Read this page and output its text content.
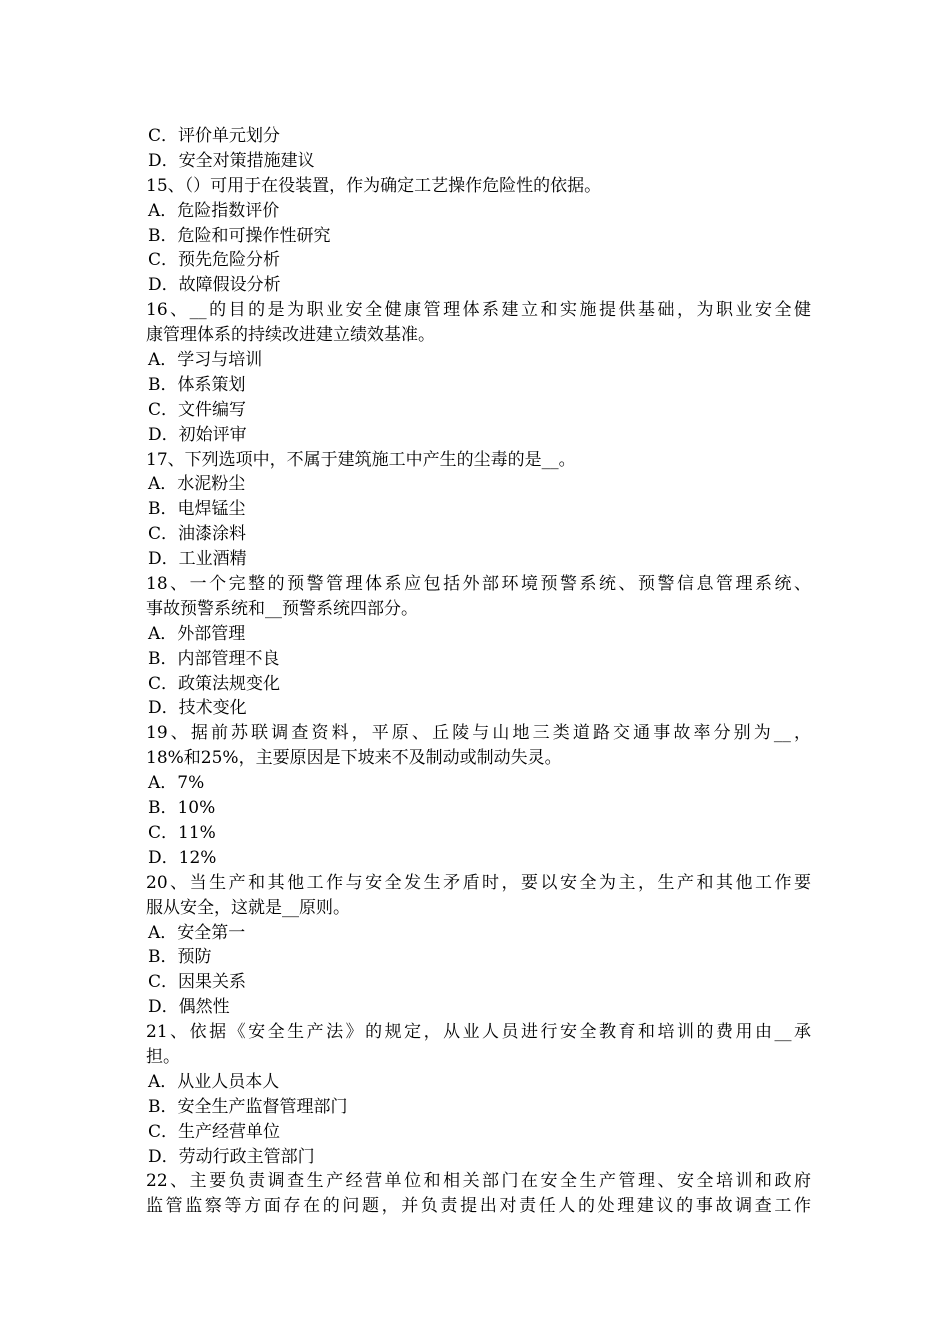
C．评价单元划分
D．安全对策措施建议
15、（）可用于在役装置，作为确定工艺操作危险性的依据。
A．危险指数评价
B．危险和可操作性研究
C．预先危险分析
D．故障假设分析
16、__的目的是为职业安全健康管理体系建立和实施提供基础，为职业安全健
康管理体系的持续改进建立绩效基准。
A．学习与培训
B．体系策划
C．文件编写
D．初始评审
17、下列选项中，不属于建筑施工中产生的尘毒的是__。
A．水泥粉尘
B．电焊锰尘
C．油漆涂料
D．工业酒精
18、一个完整的预警管理体系应包括外部环境预警系统、预警信息管理系统、
事故预警系统和__预警系统四部分。
A．外部管理
B．内部管理不良
C．政策法规变化
D．技术变化
19、据前苏联调查资料，平原、丘陵与山地三类道路交通事故率分别为__，
18%和25%，主要原因是下坡来不及制动或制动失灵。
A．7%
B．10%
C．11%
D．12%
20、当生产和其他工作与安全发生矛盾时，要以安全为主，生产和其他工作要
服从安全，这就是__原则。
A．安全第一
B．预防
C．因果关系
D．偶然性
21、依据《安全生产法》的规定，从业人员进行安全教育和培训的费用由__承
担。
A．从业人员本人
B．安全生产监督管理部门
C．生产经营单位
D．劳动行政主管部门
22、主要负责调查生产经营单位和相关部门在安全生产管理、安全培训和政府
监管监察等方面存在的问题，并负责提出对责任人的处理建议的事故调查工作
